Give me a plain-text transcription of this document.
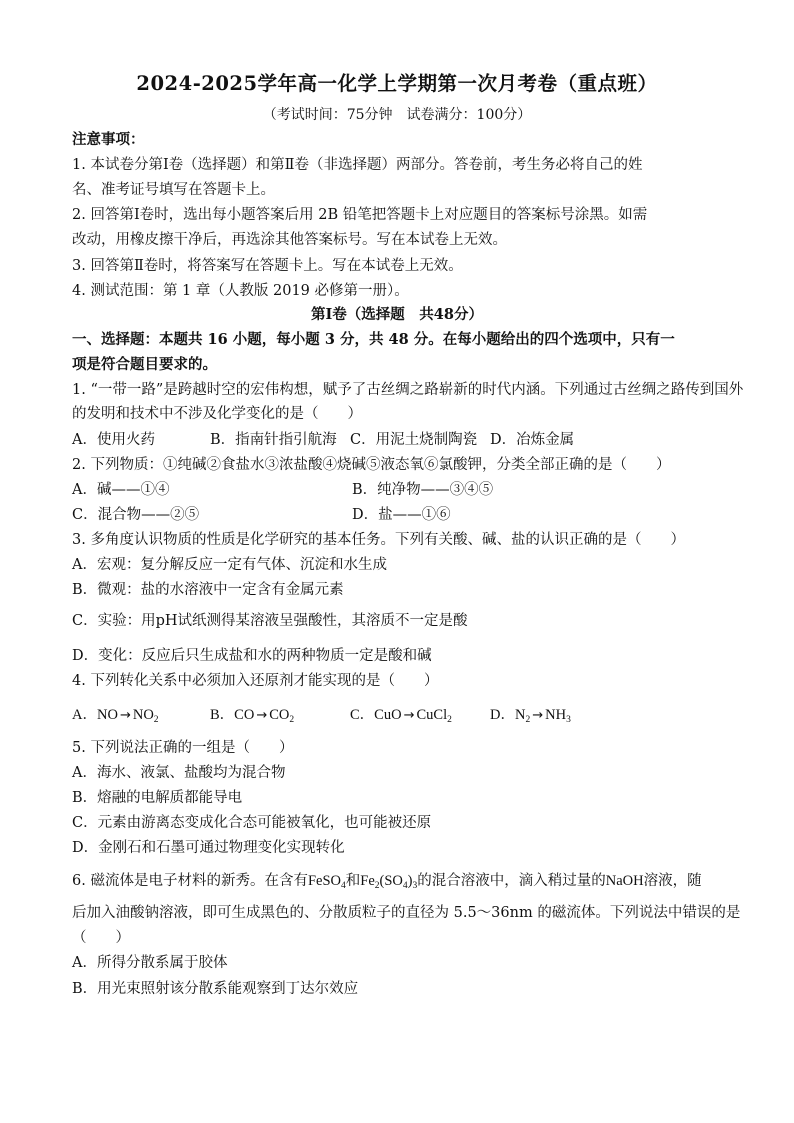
2024-2025学年高一化学上学期第一次月考卷（重点班）
（考试时间：75分钟　试卷满分：100分）
注意事项：
1. 本试卷分第Ⅰ卷（选择题）和第Ⅱ卷（非选择题）两部分。答卷前，考生务必将自己的姓
名、准考证号填写在答题卡上。
2. 回答第Ⅰ卷时，选出每小题答案后用 2B 铅笔把答题卡上对应题目的答案标号涂黑。如需
改动，用橡皮擦干净后，再选涂其他答案标号。写在本试卷上无效。
3. 回答第Ⅱ卷时，将答案写在答题卡上。写在本试卷上无效。
4. 测试范围：第 1 章（人教版 2019 必修第一册）。
第Ⅰ卷（选择题　共48分）
一、选择题：本题共 16 小题，每小题 3 分，共 48 分。在每小题给出的四个选项中，只有一
项是符合题目要求的。
1. “一带一路”是跨越时空的宏伟构想，赋予了古丝绸之路崭新的时代内涵。下列通过古丝绸之路传到国外
的发明和技术中不涉及化学变化的是（　　）
A．使用火药	B．指南针指引航海 C．用泥土烧制陶瓷 D．冶炼金属
2. 下列物质：①纯碱②食盐水③浓盐酸④烧碱⑤液态氧⑥氯酸钾，分类全部正确的是（　　）
A．碱——①④	B．纯净物——③④⑤
C．混合物——②⑤	D．盐——①⑥
3. 多角度认识物质的性质是化学研究的基本任务。下列有关酸、碱、盐的认识正确的是（　　）
A．宏观：复分解反应一定有气体、沉淀和水生成
B．微观：盐的水溶液中一定含有金属元素
C．实验：用pH试纸测得某溶液呈强酸性，其溶质不一定是酸
D．变化：反应后只生成盐和水的两种物质一定是酸和碱
4. 下列转化关系中必须加入还原剂才能实现的是（　　）
A．NO → $NO_2$	B．CO → $CO_2$	C．CuO → CuCl$_2$	D．$N_2 \to NH_3$
5. 下列说法正确的一组是（　　）
A．海水、液氯、盐酸均为混合物
B．熔融的电解质都能导电
C．元素由游离态变成化合态可能被氧化，也可能被还原
D．金刚石和石墨可通过物理变化实现转化
6. 磁流体是电子材料的新秀。在含有FeSO$_4$和$Fe_2(SO_4)_3$的混合溶液中，滴入稍过量的NaOH溶液，随
后加入油酸钠溶液，即可生成黑色的、分散质粒子的直径为 5.5～36nm 的磁流体。下列说法中错误的是
（　　）
A．所得分散系属于胶体
B．用光束照射该分散系能观察到丁达尔效应
